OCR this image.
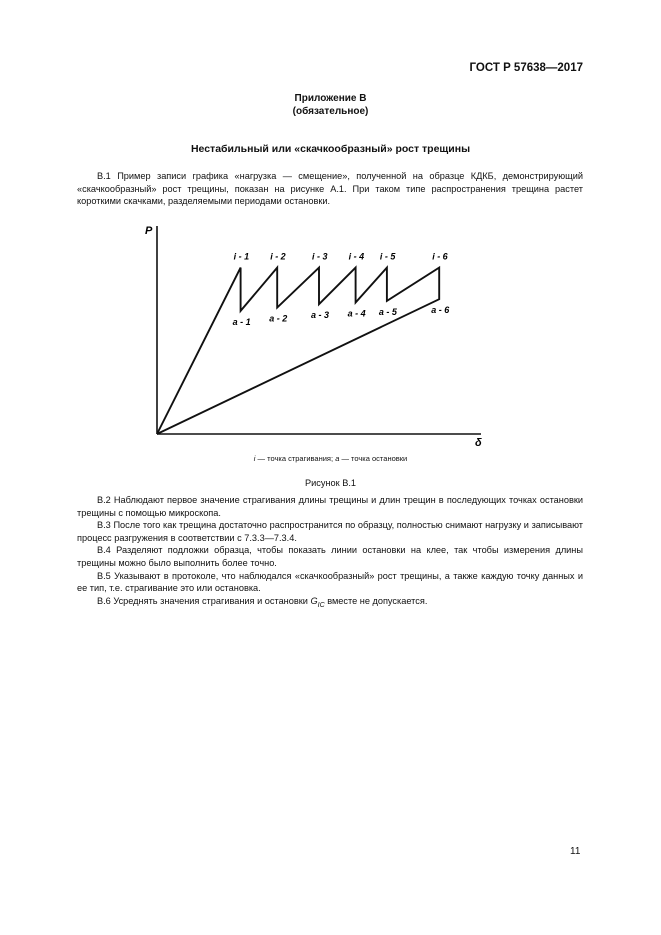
ГОСТ Р 57638—2017
Приложение В
(обязательное)
Нестабильный или «скачкообразный» рост трещины

В.1 Пример записи графика «нагрузка — смещение», полученной на образце КДКБ, демонстрирующий «скачкообразный» рост трещины, показан на рисунке А.1. При таком типе распространения трещина растет короткими скачками, разделяемыми периодами остановки.

P
δ
i - 1 i - 2	i - 3 i - 4 i - 5	i - 6
a - 1 a - 2	a - 3 a - 4 a - 5	a - 6
i — точка страгивания; a — точка остановки
Рисунок В.1

В.2 Наблюдают первое значение страгивания длины трещины и длин трещин в последующих точках остановки трещины с помощью микроскопа.

В.3 После того как трещина достаточно распространится по образцу, полностью снимают нагрузку и записывают процесс разгружения в соответствии с 7.3.3—7.3.4.

В.4 Разделяют подложки образца, чтобы показать линии остановки на клее, так чтобы измерения длины трещины можно было выполнить более точно.

В.5 Указывают в протоколе, что наблюдался «скачкообразный» рост трещины, а также каждую точку данных и ее тип, т.е. страгивание это или остановка.

В.6 Усреднять значения страгивания и остановки $G_{IC}$ вместе не допускается.

11
